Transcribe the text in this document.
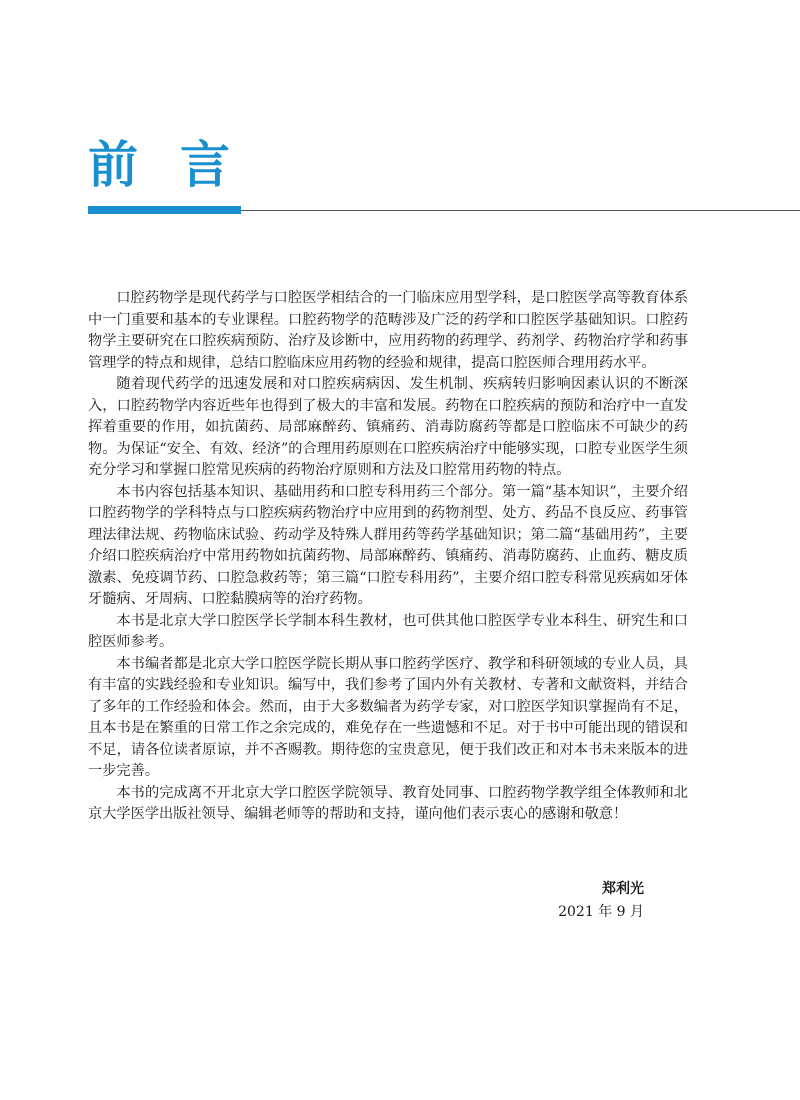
前言

口腔药物学是现代药学与口腔医学相结合的一门临床应用型学科，是口腔医学高等教育体系中一门重要和基本的专业课程。口腔药物学的范畴涉及广泛的药学和口腔医学基础知识。口腔药物学主要研究在口腔疾病预防、治疗及诊断中，应用药物的药理学、药剂学、药物治疗学和药事管理学的特点和规律，总结口腔临床应用药物的经验和规律，提高口腔医师合理用药水平。

随着现代药学的迅速发展和对口腔疾病病因、发生机制、疾病转归影响因素认识的不断深入，口腔药物学内容近些年也得到了极大的丰富和发展。药物在口腔疾病的预防和治疗中一直发挥着重要的作用，如抗菌药、局部麻醉药、镇痛药、消毒防腐药等都是口腔临床不可缺少的药物。为保证“安全、有效、经济”的合理用药原则在口腔疾病治疗中能够实现，口腔专业医学生须充分学习和掌握口腔常见疾病的药物治疗原则和方法及口腔常用药物的特点。

本书内容包括基本知识、基础用药和口腔专科用药三个部分。第一篇“基本知识”，主要介绍口腔药物学的学科特点与口腔疾病药物治疗中应用到的药物剂型、处方、药品不良反应、药事管理法律法规、药物临床试验、药动学及特殊人群用药等药学基础知识；第二篇“基础用药”，主要介绍口腔疾病治疗中常用药物如抗菌药物、局部麻醉药、镇痛药、消毒防腐药、止血药、糖皮质激素、免疫调节药、口腔急救药等；第三篇“口腔专科用药”，主要介绍口腔专科常见疾病如牙体牙髓病、牙周病、口腔黏膜病等的治疗药物。

本书是北京大学口腔医学长学制本科生教材，也可供其他口腔医学专业本科生、研究生和口腔医师参考。

本书编者都是北京大学口腔医学院长期从事口腔药学医疗、教学和科研领域的专业人员，具有丰富的实践经验和专业知识。编写中，我们参考了国内外有关教材、专著和文献资料，并结合了多年的工作经验和体会。然而，由于大多数编者为药学专家，对口腔医学知识掌握尚有不足，且本书是在繁重的日常工作之余完成的，难免存在一些遗憾和不足。对于书中可能出现的错误和不足，请各位读者原谅，并不吝赐教。期待您的宝贵意见，便于我们改正和对本书未来版本的进一步完善。

本书的完成离不开北京大学口腔医学院领导、教育处同事、口腔药物学教学组全体教师和北京大学医学出版社领导、编辑老师等的帮助和支持，谨向他们表示衷心的感谢和敬意！

郑利光
2021 年 9 月
